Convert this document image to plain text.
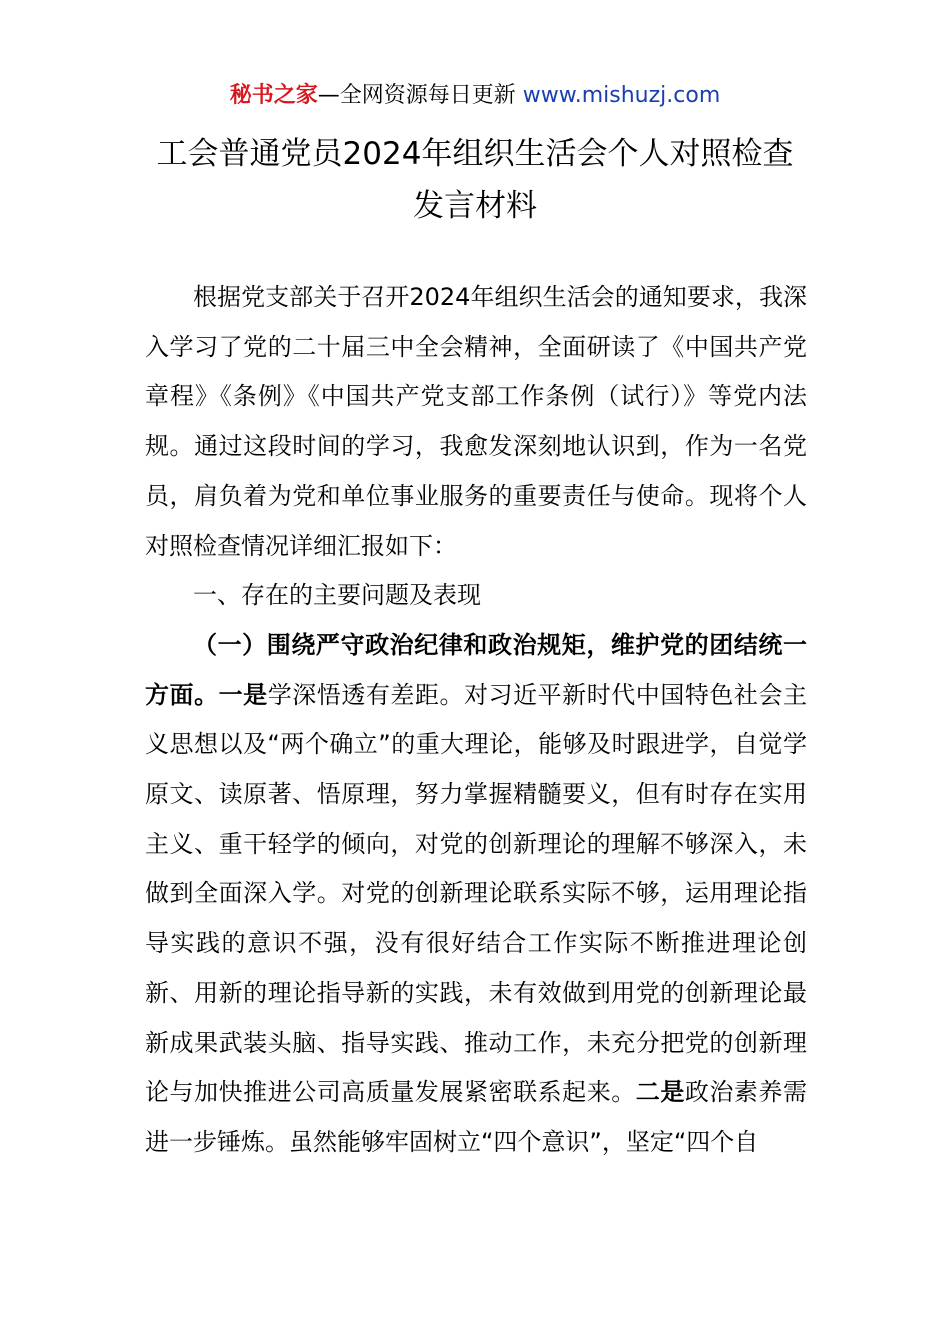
秘书之家—全网资源每日更新 www.mishuzj.com
工会普通党员2024年组织生活会个人对照检查
发言材料

根据党支部关于召开2024年组织生活会的通知要求，我深入学习了党的二十届三中全会精神，全面研读了《中国共产党章程》《条例》《中国共产党支部工作条例（试行）》等党内法规。通过这段时间的学习，我愈发深刻地认识到，作为一名党员，肩负着为党和单位事业服务的重要责任与使命。现将个人对照检查情况详细汇报如下：

一、存在的主要问题及表现

（一）围绕严守政治纪律和政治规矩，维护党的团结统一方面。一是学深悟透有差距。对习近平新时代中国特色社会主义思想以及“两个确立”的重大理论，能够及时跟进学，自觉学原文、读原著、悟原理，努力掌握精髓要义，但有时存在实用主义、重干轻学的倾向，对党的创新理论的理解不够深入，未做到全面深入学。对党的创新理论联系实际不够，运用理论指导实践的意识不强，没有很好结合工作实际不断推进理论创新、用新的理论指导新的实践，未有效做到用党的创新理论最新成果武装头脑、指导实践、推动工作，未充分把党的创新理论与加快推进公司高质量发展紧密联系起来。二是政治素养需进一步锤炼。虽然能够牢固树立“四个意识”，坚定“四个自
